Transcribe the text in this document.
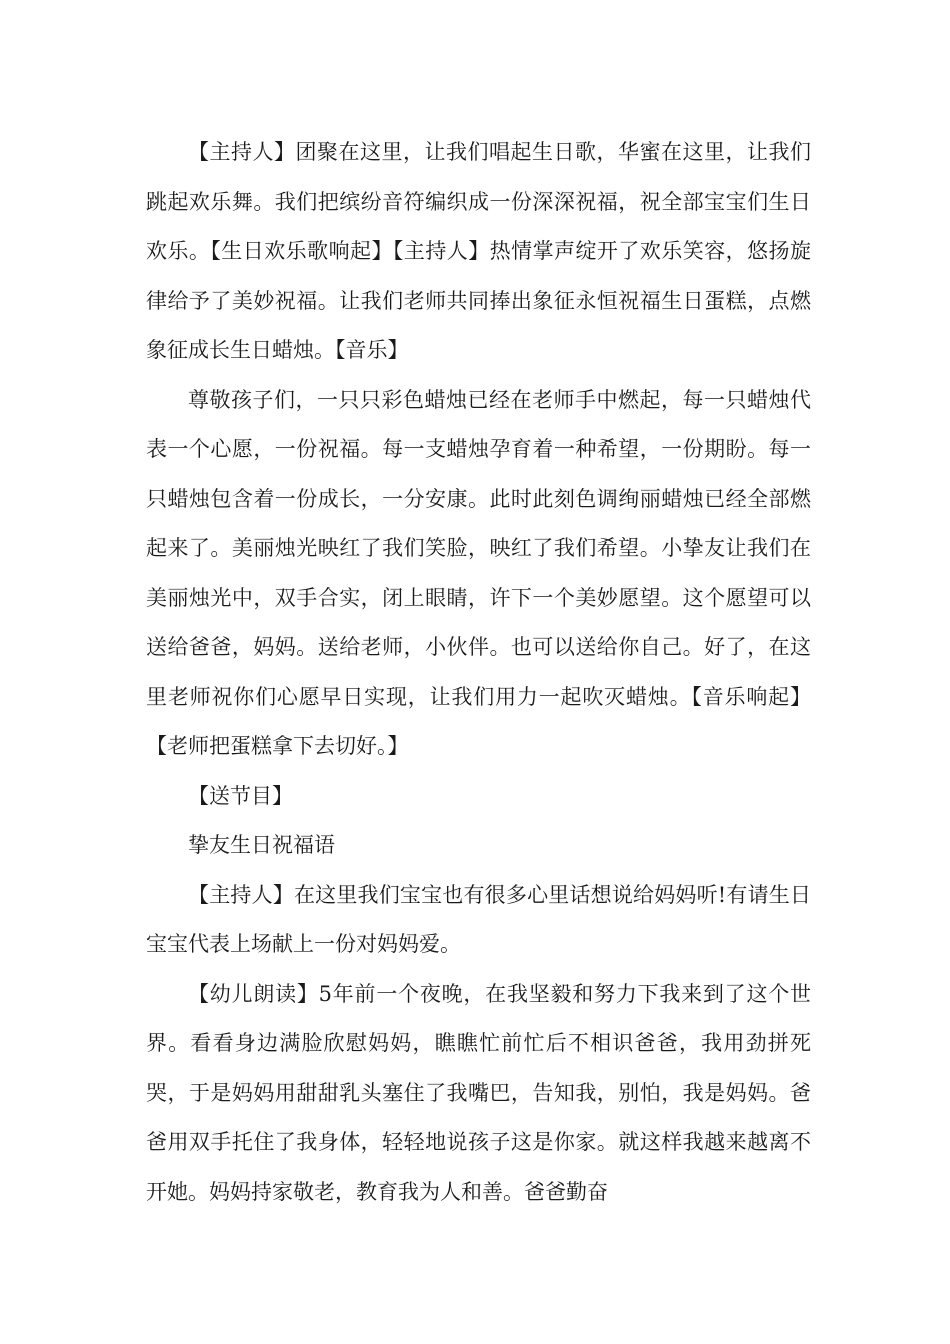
【主持人】团聚在这里，让我们唱起生日歌，华蜜在这里，让我们跳起欢乐舞。我们把缤纷音符编织成一份深深祝福，祝全部宝宝们生日欢乐。【生日欢乐歌响起】【主持人】热情掌声绽开了欢乐笑容，悠扬旋律给予了美妙祝福。让我们老师共同捧出象征永恒祝福生日蛋糕，点燃象征成长生日蜡烛。【音乐】

尊敬孩子们，一只只彩色蜡烛已经在老师手中燃起，每一只蜡烛代表一个心愿，一份祝福。每一支蜡烛孕育着一种希望，一份期盼。每一只蜡烛包含着一份成长，一分安康。此时此刻色调绚丽蜡烛已经全部燃起来了。美丽烛光映红了我们笑脸，映红了我们希望。小挚友让我们在美丽烛光中，双手合实，闭上眼睛，许下一个美妙愿望。这个愿望可以送给爸爸，妈妈。送给老师，小伙伴。也可以送给你自己。好了，在这里老师祝你们心愿早日实现，让我们用力一起吹灭蜡烛。【音乐响起】【老师把蛋糕拿下去切好。】

【送节目】

挚友生日祝福语

【主持人】在这里我们宝宝也有很多心里话想说给妈妈听!有请生日宝宝代表上场献上一份对妈妈爱。

【幼儿朗读】5年前一个夜晚，在我坚毅和努力下我来到了这个世界。看看身边满脸欣慰妈妈，瞧瞧忙前忙后不相识爸爸，我用劲拼死哭，于是妈妈用甜甜乳头塞住了我嘴巴，告知我，别怕，我是妈妈。爸爸用双手托住了我身体，轻轻地说孩子这是你家。就这样我越来越离不开她。妈妈持家敬老，教育我为人和善。爸爸勤奋
